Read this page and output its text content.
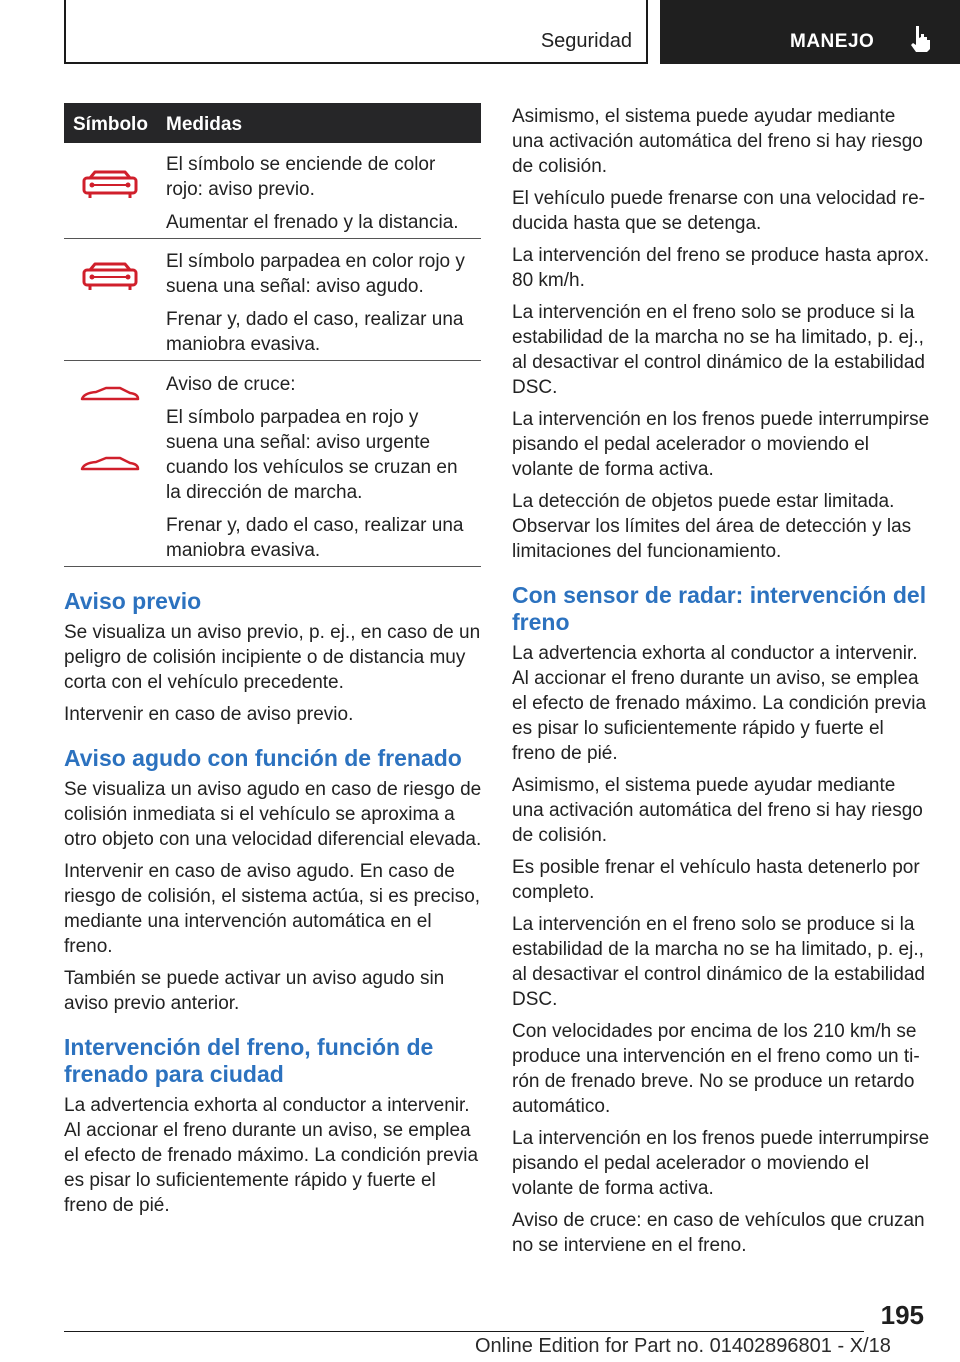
Seguridad	MANEJO
Símbolo Medidas

El símbolo se enciende de color rojo: aviso previo.

Aumentar el frenado y la distancia.

El símbolo parpadea en color rojo y suena una señal: aviso agudo.

Frenar y, dado el caso, realizar una maniobra evasiva.

Aviso de cruce:

El símbolo parpadea en rojo y suena una señal: aviso urgente cuando los vehículos se cruzan en la dirección de marcha.

Frenar y, dado el caso, realizar una maniobra evasiva.

Aviso previo

Se visualiza un aviso previo, p. ej., en caso de un peligro de colisión incipiente o de distancia muy corta con el vehículo precedente.

Intervenir en caso de aviso previo.

Aviso agudo con función de frenado

Se visualiza un aviso agudo en caso de riesgo de colisión inmediata si el vehículo se aproxima a otro objeto con una velocidad diferencial elevada.

Intervenir en caso de aviso agudo. En caso de riesgo de colisión, el sistema actúa, si es preciso, mediante una intervención automática en el freno.

También se puede activar un aviso agudo sin aviso previo anterior.

Intervención del freno, función de frenado para ciudad

La advertencia exhorta al conductor a intervenir. Al accionar el freno durante un aviso, se emplea el efecto de frenado máximo. La condición previa es pisar lo suficientemente rápido y fuerte el freno de pié.

Asimismo, el sistema puede ayudar mediante una activación automática del freno si hay riesgo de colisión.

El vehículo puede frenarse con una velocidad reducida hasta que se detenga.

La intervención del freno se produce hasta aprox. 80 km/h.

La intervención en el freno solo se produce si la estabilidad de la marcha no se ha limitado, p. ej., al desactivar el control dinámico de la estabilidad DSC.

La intervención en los frenos puede interrumpirse pisando el pedal acelerador o moviendo el volante de forma activa.

La detección de objetos puede estar limitada. Observar los límites del área de detección y las limitaciones del funcionamiento.

Con sensor de radar: intervención del freno

La advertencia exhorta al conductor a intervenir. Al accionar el freno durante un aviso, se emplea el efecto de frenado máximo. La condición previa es pisar lo suficientemente rápido y fuerte el freno de pié.

Asimismo, el sistema puede ayudar mediante una activación automática del freno si hay riesgo de colisión.

Es posible frenar el vehículo hasta detenerlo por completo.

La intervención en el freno solo se produce si la estabilidad de la marcha no se ha limitado, p. ej., al desactivar el control dinámico de la estabilidad DSC.

Con velocidades por encima de los 210 km/h se produce una intervención en el freno como un tirón de frenado breve. No se produce un retardo automático.

La intervención en los frenos puede interrumpirse pisando el pedal acelerador o moviendo el volante de forma activa.

Aviso de cruce: en caso de vehículos que cruzan no se interviene en el freno.

195
Online Edition for Part no. 01402896801 - X/18
